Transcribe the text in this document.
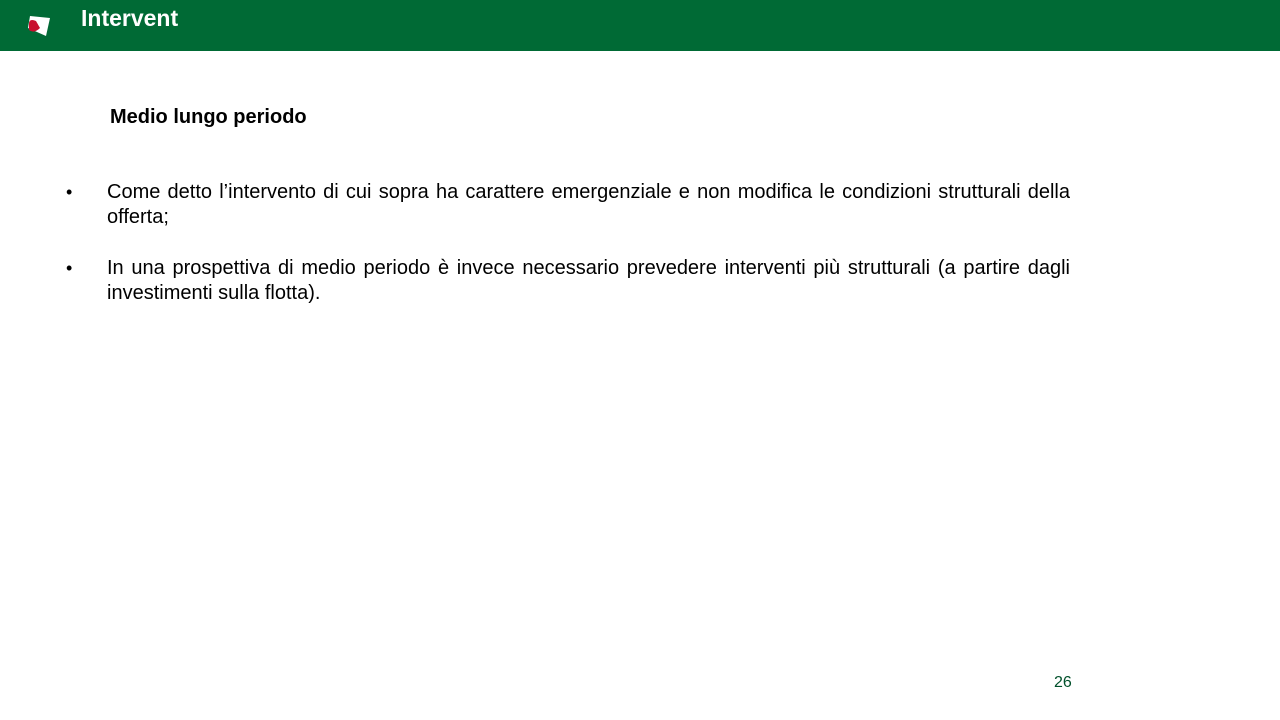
Intervent
Medio lungo periodo
•	Come detto l’intervento di cui sopra ha carattere emergenziale e non modifica le condizioni strutturali della offerta;
•	In una prospettiva di medio periodo è invece necessario prevedere interventi più strutturali (a partire dagli investimenti sulla flotta).
26
